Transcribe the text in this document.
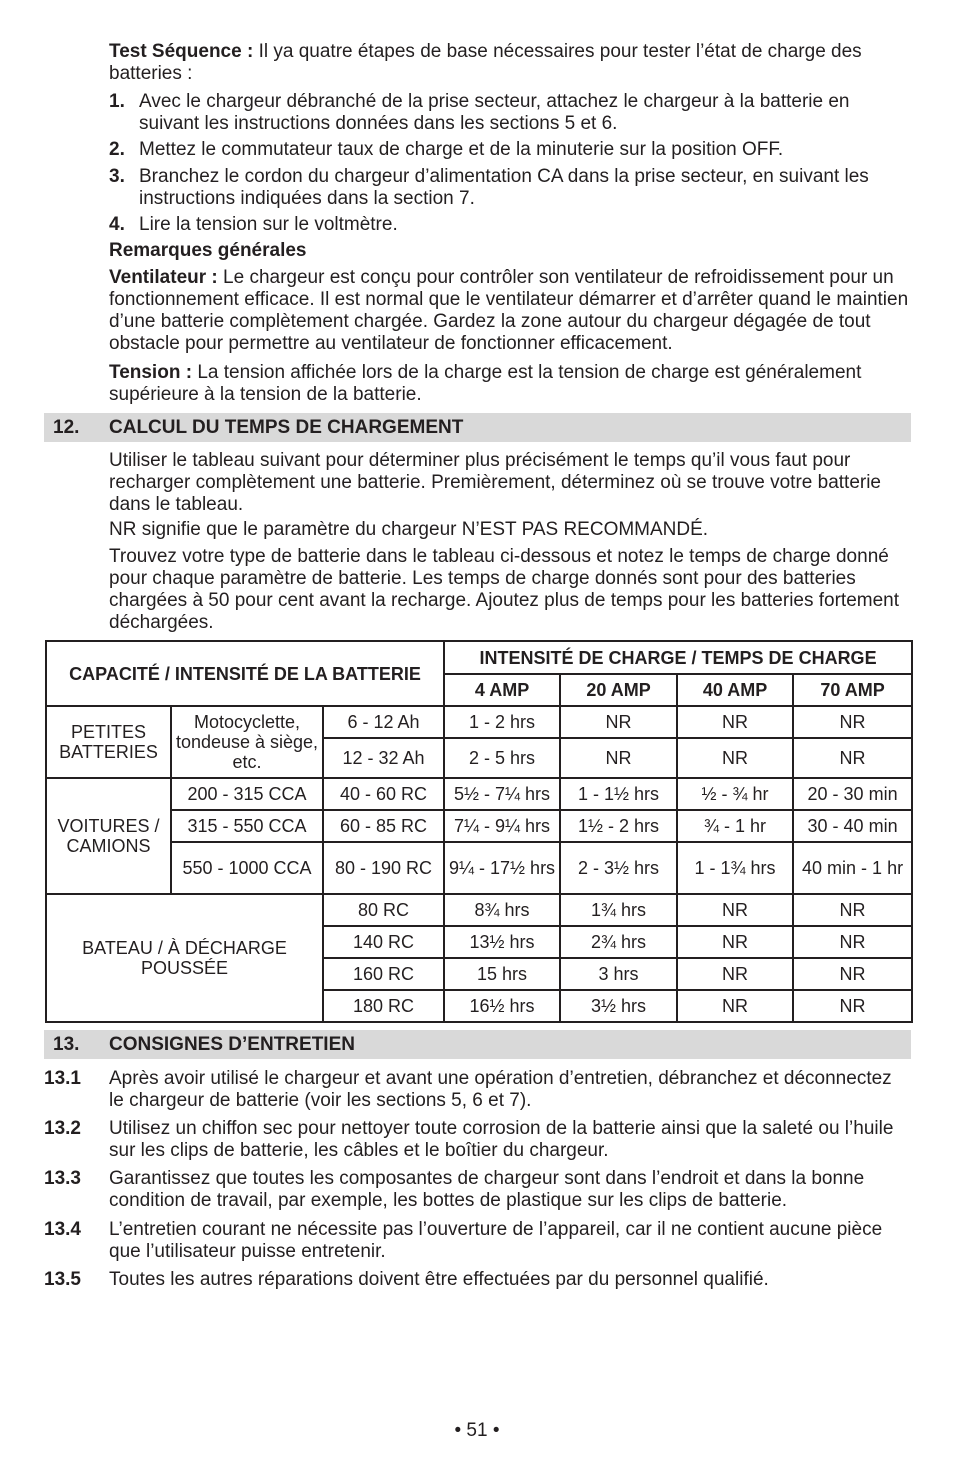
Test Séquence : Il ya quatre étapes de base nécessaires pour tester l’état de charge des batteries :

1. Avec le chargeur débranché de la prise secteur, attachez le chargeur à la batterie en suivant les instructions données dans les sections 5 et 6.
2. Mettez le commutateur taux de charge et de la minuterie sur la position OFF.
3. Branchez le cordon du chargeur d’alimentation CA dans la prise secteur, en suivant les instructions indiquées dans la section 7.
4. Lire la tension sur le voltmètre.

Remarques générales

Ventilateur : Le chargeur est conçu pour contrôler son ventilateur de refroidissement pour un fonctionnement efficace. Il est normal que le ventilateur démarrer et d’arrêter quand le maintien d’une batterie complètement chargée. Gardez la zone autour du chargeur dégagée de tout obstacle pour permettre au ventilateur de fonctionner efficacement.

Tension : La tension affichée lors de la charge est la tension de charge est généralement supérieure à la tension de la batterie.

12. CALCUL DU TEMPS DE CHARGEMENT

Utiliser le tableau suivant pour déterminer plus précisément le temps qu’il vous faut pour recharger complètement une batterie. Premièrement, déterminez où se trouve votre batterie dans le tableau.

NR signifie que le paramètre du chargeur N’EST PAS RECOMMANDÉ.

Trouvez votre type de batterie dans le tableau ci-dessous et notez le temps de charge donné pour chaque paramètre de batterie. Les temps de charge donnés sont pour des batteries chargées à 50 pour cent avant la recharge. Ajoutez plus de temps pour les batteries fortement déchargées.

CAPACITÉ / INTENSITÉ DE LA BATTERIE			INTENSITÉ DE CHARGE / TEMPS DE CHARGE			
			4 AMP	20 AMP	40 AMP	70 AMP
PETITES BATTERIES	Motocyclette, tondeuse à siège, etc.	6 - 12 Ah	1 - 2 hrs	NR	NR	NR
		12 - 32 Ah	2 - 5 hrs	NR	NR	NR
VOITURES / CAMIONS	200 - 315 CCA	40 - 60 RC	5½ - 7¼ hrs	1 - 1½ hrs	½ - ¾ hr	20 - 30 min
	315 - 550 CCA	60 - 85 RC	7¼ - 9¼ hrs	1½ - 2 hrs	¾ - 1 hr	30 - 40 min
	550 - 1000 CCA	80 - 190 RC	9¼ - 17½ hrs	2 - 3½ hrs	1 - 1¾ hrs	40 min - 1 hr
BATEAU / À DÉCHARGE POUSSÉE		80 RC	8¾ hrs	1¾ hrs	NR	NR
		140 RC	13½ hrs	2¾ hrs	NR	NR
		160 RC	15 hrs	3 hrs	NR	NR
		180 RC	16½ hrs	3½ hrs	NR	NR
13. CONSIGNES D’ENTRETIEN
13.1 Après avoir utilisé le chargeur et avant une opération d’entretien, débranchez et déconnectez le chargeur de batterie (voir les sections 5, 6 et 7).
13.2 Utilisez un chiffon sec pour nettoyer toute corrosion de la batterie ainsi que la saleté ou l’huile sur les clips de batterie, les câbles et le boîtier du chargeur.
13.3 Garantissez que toutes les composantes de chargeur sont dans l’endroit et dans la bonne condition de travail, par exemple, les bottes de plastique sur les clips de batterie.
13.4 L’entretien courant ne nécessite pas l’ouverture de l’appareil, car il ne contient aucune pièce que l’utilisateur puisse entretenir.
13.5 Toutes les autres réparations doivent être effectuées par du personnel qualifié.
• 51 •
